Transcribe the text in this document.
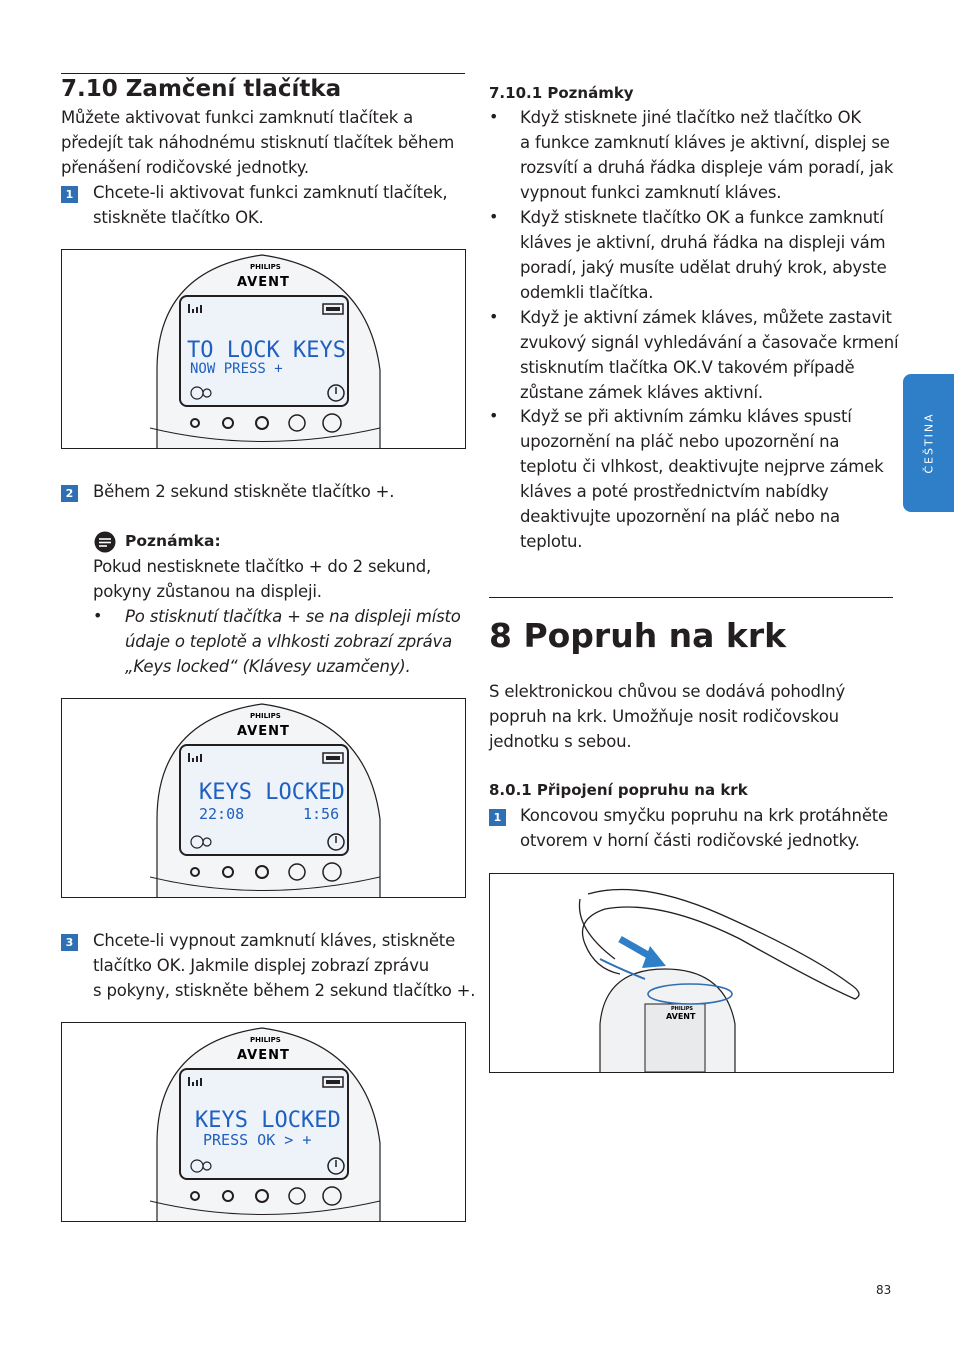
7.10 Zamčení tlačítka
Můžete aktivovat funkci zamknutí tlačítek a
předejít tak náhodnému stisknutí tlačítek během
přenášení rodičovské jednotky.
1 Chcete-li aktivovat funkci zamknutí tlačítek,
stiskněte tlačítko OK.
PHILIPS
AVENT
TO LOCK KEYS
NOW PRESS +
2 Během 2 sekund stiskněte tlačítko +.
Poznámka:
Pokud nestisknete tlačítko + do 2 sekund,
pokyny zůstanou na displeji.
• Po stisknutí tlačítka + se na displeji místo
údaje o teplotě a vlhkosti zobrazí zpráva
„Keys locked“ (Klávesy uzamčeny).
PHILIPS
AVENT
KEYS LOCKED
22:08	1:56
3 Chcete-li vypnout zamknutí kláves, stiskněte
tlačítko OK. Jakmile displej zobrazí zprávu
s pokyny, stiskněte během 2 sekund tlačítko +.
PHILIPS
AVENT
KEYS LOCKED
PRESS OK > +
7.10.1 Poznámky
• Když stisknete jiné tlačítko než tlačítko OK
a funkce zamknutí kláves je aktivní, displej se
rozsvítí a druhá řádka displeje vám poradí, jak
vypnout funkci zamknutí kláves.
• Když stisknete tlačítko OK a funkce zamknutí
kláves je aktivní, druhá řádka na displeji vám
poradí, jaký musíte udělat druhý krok, abyste
odemkli tlačítka.
• Když je aktivní zámek kláves, můžete zastavit
zvukový signál vyhledávání a časovače krmení
stisknutím tlačítka OK.V takovém případě
zůstane zámek kláves aktivní.
• Když se při aktivním zámku kláves spustí
upozornění na pláč nebo upozornění na
teplotu či vlhkost, deaktivujte nejprve zámek
kláves a poté prostřednictvím nabídky
deaktivujte upozornění na pláč nebo na
teplotu.
8 Popruh na krk
S elektronickou chůvou se dodává pohodlný
popruh na krk. Umožňuje nosit rodičovskou
jednotku s sebou.
8.0.1 Připojení popruhu na krk
1 Koncovou smyčku popruhu na krk protáhněte
otvorem v horní části rodičovské jednotky.
PHILIPS
AVENT
ČEŠTINA
83
